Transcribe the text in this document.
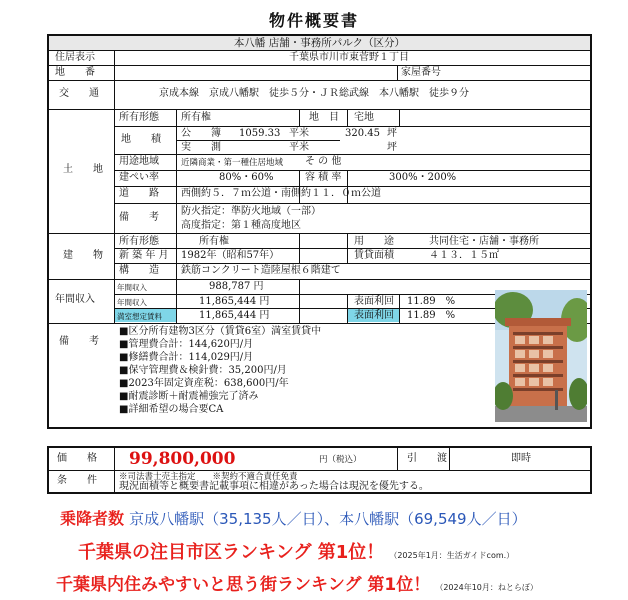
物件概要書
本八幡 店舗・事務所パルク（区分）
住居表示	千葉県市川市東菅野１丁目
地　　番	家屋番号
交　　通	京成本線　京成八幡駅　徒歩５分・ＪＲ総武線　本八幡駅　徒歩９分
土　　地
所有形態 所有権	地　目 宅地
地　　積
公　　簿 1059.33 平米	320.45 坪
実　　測	平米	坪
用途地域	近隣商業・第一種住居地域 そ の 他
建ぺい率	80%・60%	容 積 率	300%・200%
道　　路 西側約５．７ｍ公道・南側約１１．０ｍ公道
備　　考
防火指定：準防火地域（一部）
高度指定：第１種高度地区
建　　物
所有形態	所有権	用　　途	共同住宅・店舗・事務所
新 築 年 月 1982年（昭和57年）	賃貸面積	４１３．１５㎡
構　　造 鉄筋コンクリート造陸屋根６階建て
年間収入
年間収入	988,787 円
年間収入	11,865,444 円	表面利回 11.89　%
満室想定賃料	11,865,444 円	表面利回 11.89　%
備　　考
■区分所有建物3区分（賃貸6室）満室賃貸中
■管理費合計：144,620円/月
■修繕費合計：114,029円/月
■保守管理費＆検針費：35,200円/月
■2023年固定資産税：638,600円/年
■耐震診断＋耐震補強完了済み
■詳細希望の場合要CA
価　　格 99,800,000	円（税込）	引　　渡	即時
条　　件	※司法書士売主指定　　※契約不適合責任免責
現況面積等と概要書記載事項に相違があった場合は現況を優先する。
乗降者数 京成八幡駅（35,135人／日）、本八幡駅（69,549人／日）
千葉県の注目市区ランキング 第1位！ （2025年1月：生活ガイドcom.）
千葉県内住みやすいと思う街ランキング 第1位！ （2024年10月：ねとらぼ）
